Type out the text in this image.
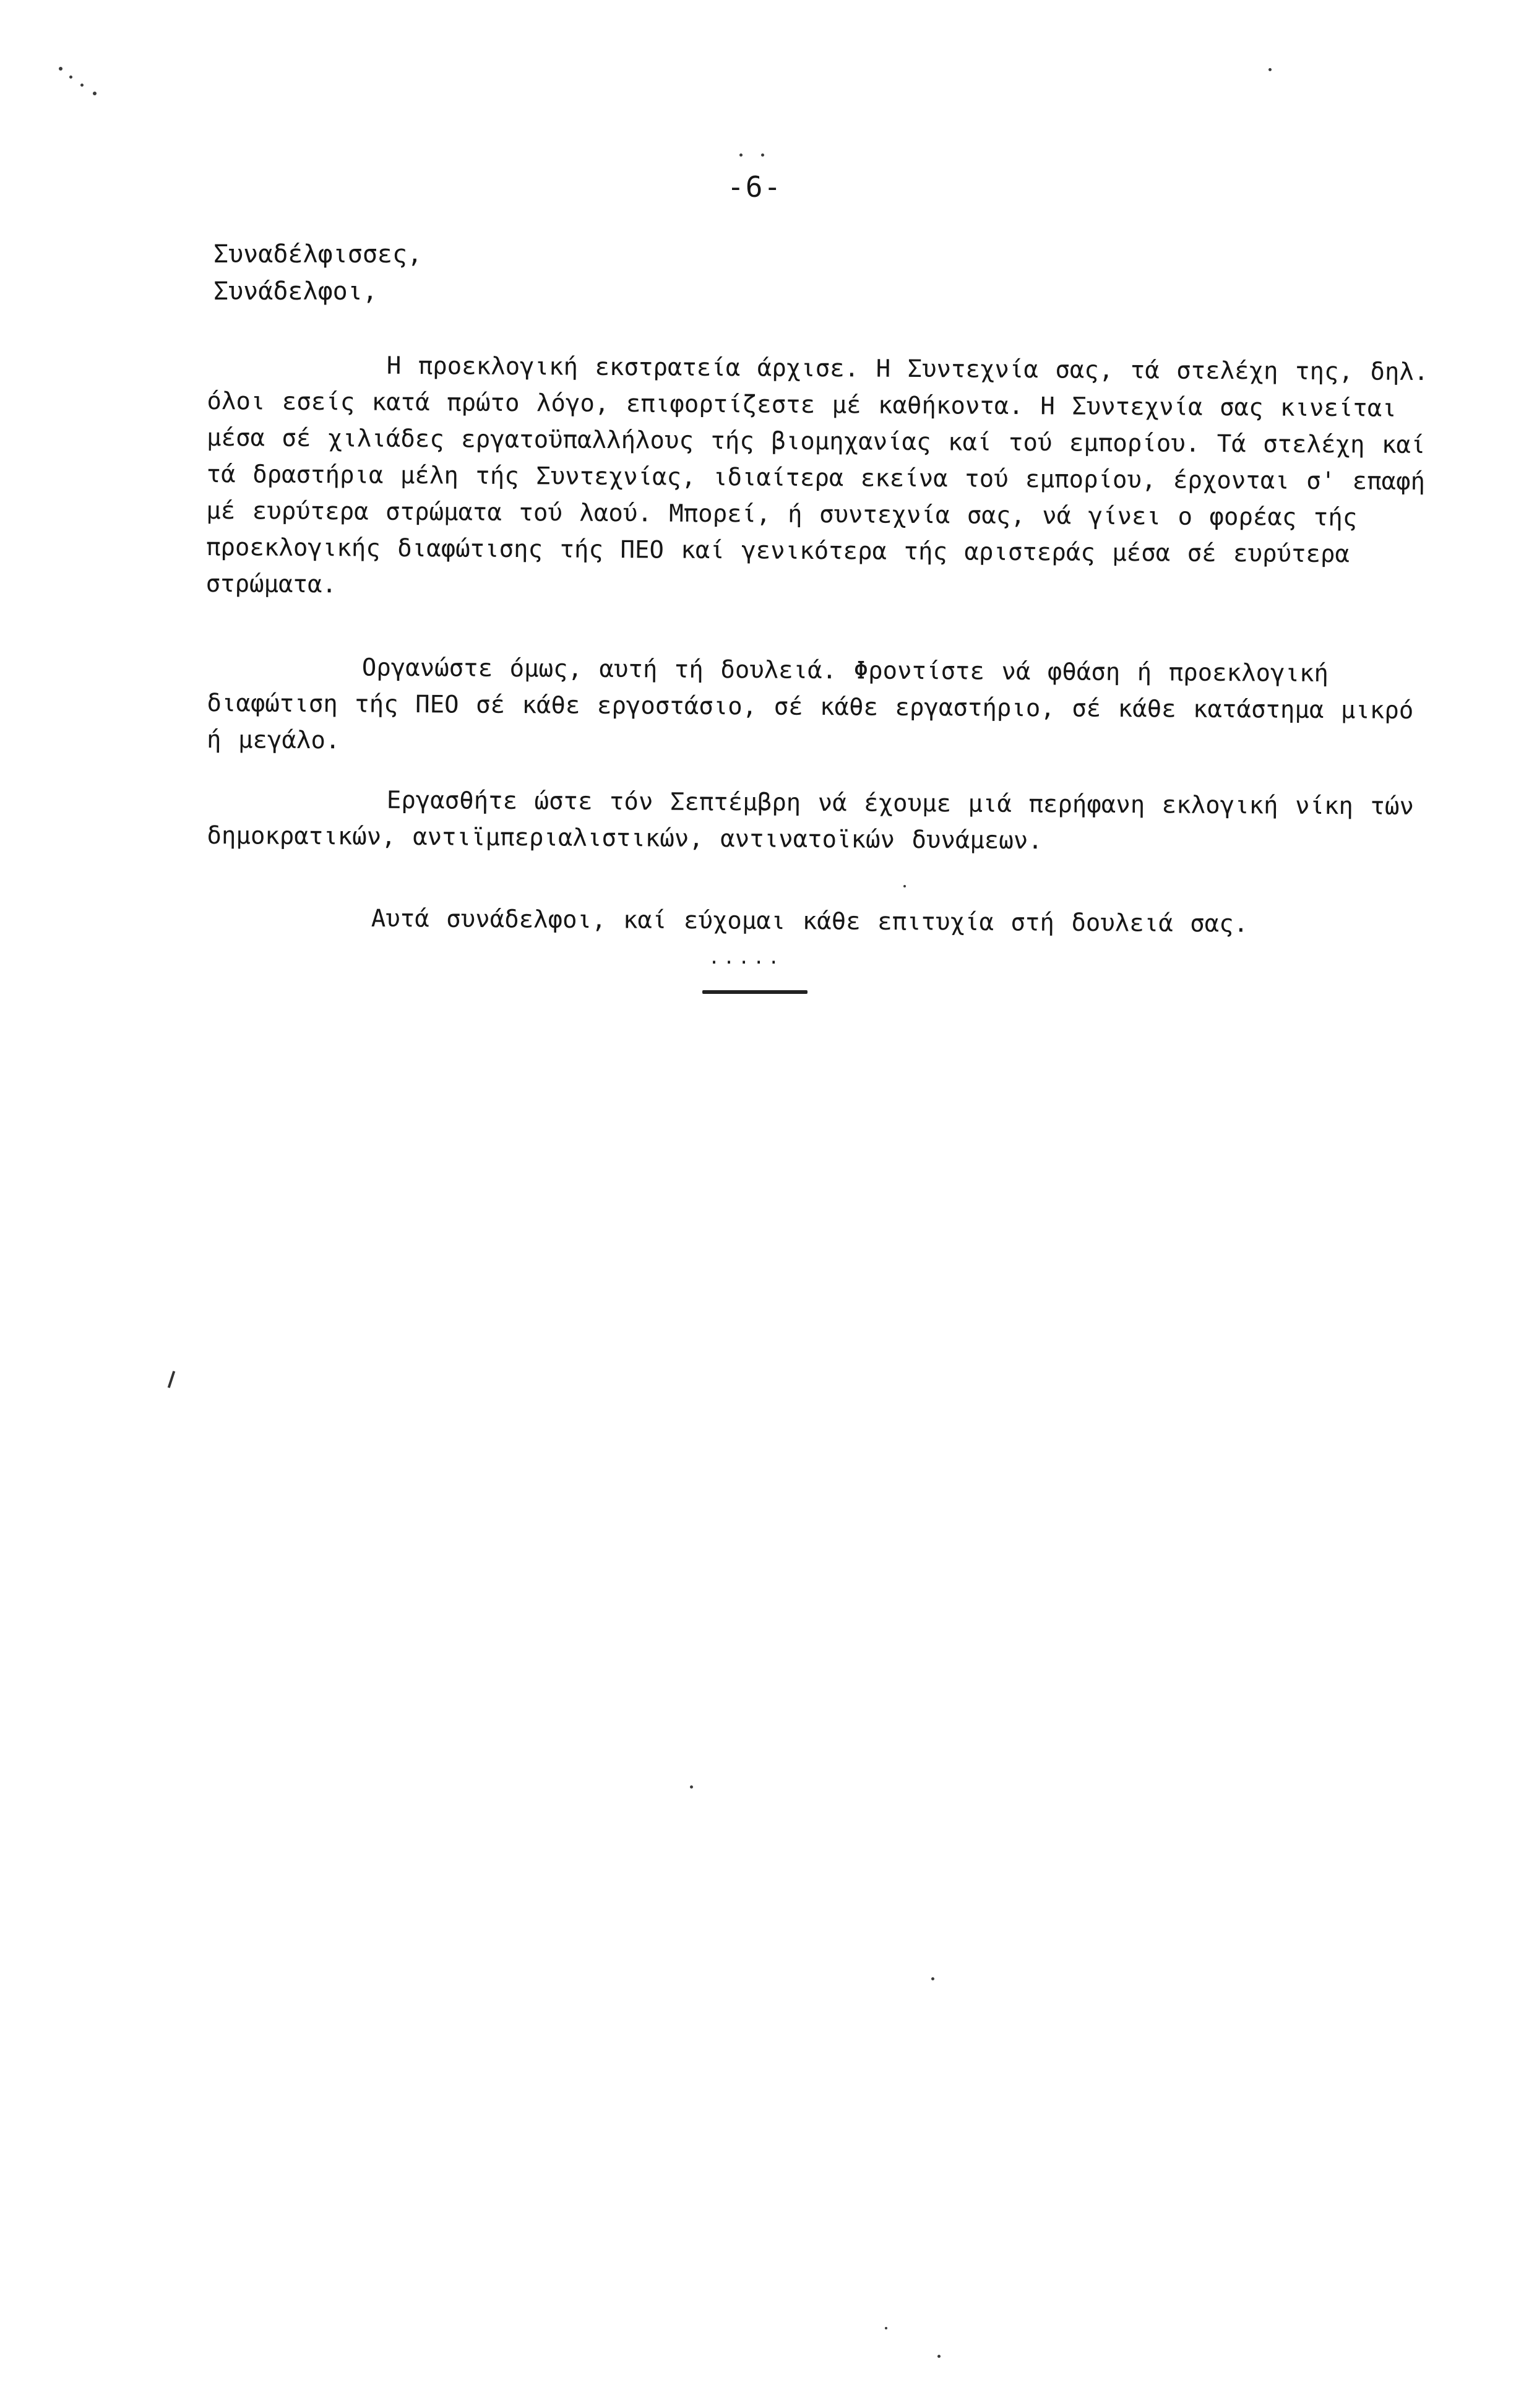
-6-
Συναδέλφισσες,
Συνάδελφοι,
Η προεκλογική εκστρατεία άρχισε. Η Συντεχνία σας, τά στελέχη της, δηλ. όλοι εσείς κατά πρώτο λόγο, επιφορτίζεστε μέ καθήκοντα. Η Συντεχνία σας κινείται μέσα σέ χιλιάδες εργατοϋπαλλήλους τής βιομηχανίας καί τού εμπορίου. Τά στελέχη καί τά δραστήρια μέλη τής Συντεχνίας, ιδιαίτερα εκείνα τού εμπορίου, έρχονται σ' επαφή μέ ευρύτερα στρώματα τού λαού. Μπορεί, ή συντεχνία σας, νά γίνει ο φορέας τής προεκλογικής διαφώτισης τής ΠΕΟ καί γενικότερα τής αριστεράς μέσα σέ ευρύτερα στρώματα.
Οργανώστε όμως, αυτή τή δουλειά. Φροντίστε νά φθάση ή προεκλογική διαφώτιση τής ΠΕΟ σέ κάθε εργοστάσιο, σέ κάθε εργαστήριο, σέ κάθε κατάστημα μικρό ή μεγάλο.
Εργασθήτε ώστε τόν Σεπτέμβρη νά έχουμε μιά περήφανη εκλογική νίκη τών δημοκρατικών, αντιϊμπεριαλιστικών, αντινατοϊκών δυνάμεων.
Αυτά συνάδελφοι, καί εύχομαι κάθε επιτυχία στή δουλειά σας.
.....
